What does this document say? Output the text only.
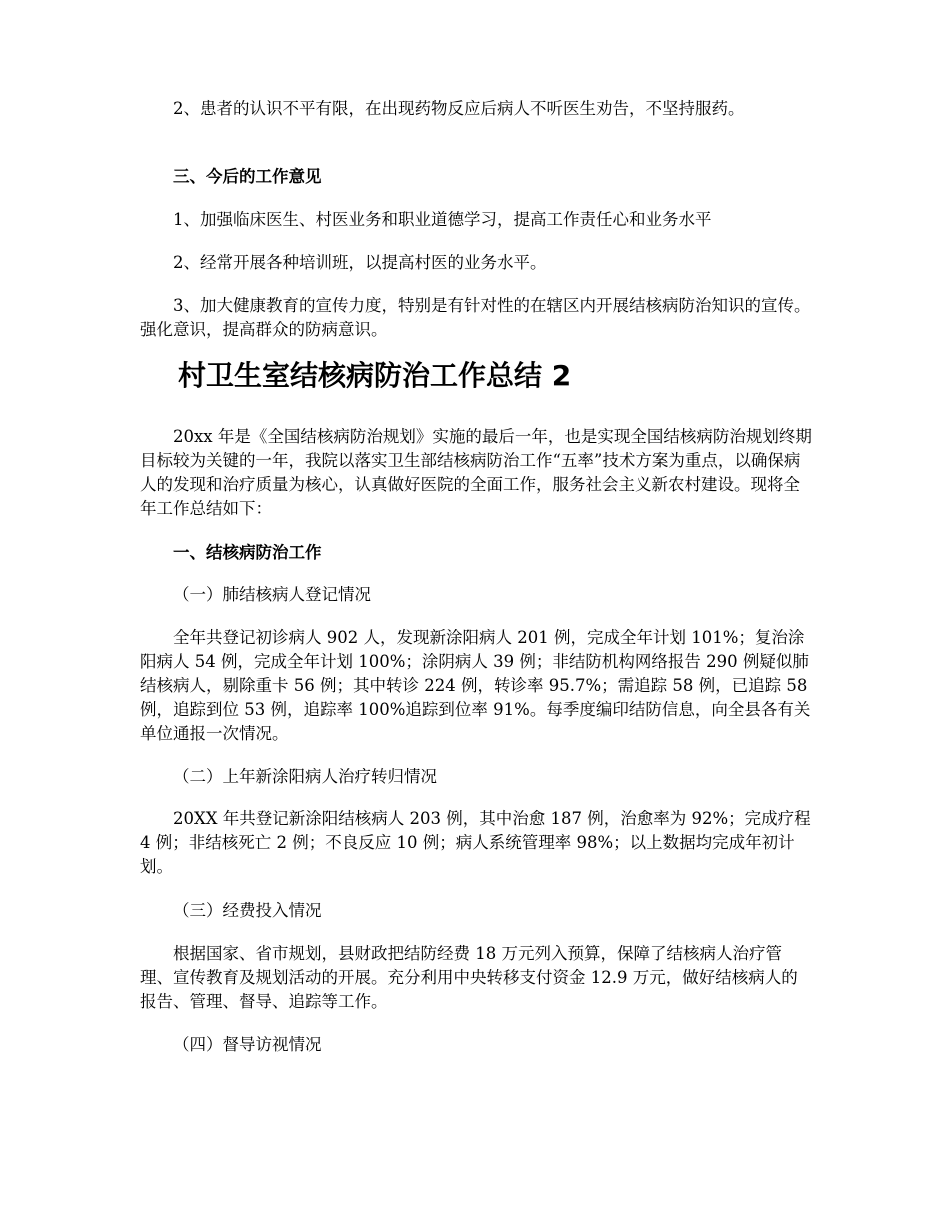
2、患者的认识不平有限，在出现药物反应后病人不听医生劝告，不坚持服药。

三、今后的工作意见

1、加强临床医生、村医业务和职业道德学习，提高工作责任心和业务水平

2、经常开展各种培训班，以提高村医的业务水平。

3、加大健康教育的宣传力度，特别是有针对性的在辖区内开展结核病防治知识的宣传。强化意识，提高群众的防病意识。

村卫生室结核病防治工作总结 2

20xx 年是《全国结核病防治规划》实施的最后一年，也是实现全国结核病防治规划终期目标较为关键的一年，我院以落实卫生部结核病防治工作“五率”技术方案为重点，以确保病人的发现和治疗质量为核心，认真做好医院的全面工作，服务社会主义新农村建设。现将全年工作总结如下：

一、结核病防治工作

（一）肺结核病人登记情况

全年共登记初诊病人 902 人，发现新涂阳病人 201 例，完成全年计划 101%；复治涂阳病人 54 例，完成全年计划 100%；涂阴病人 39 例；非结防机构网络报告 290 例疑似肺结核病人，剔除重卡 56 例；其中转诊 224 例，转诊率 95.7%；需追踪 58 例，已追踪 58 例，追踪到位 53 例，追踪率 100%追踪到位率 91%。每季度编印结防信息，向全县各有关单位通报一次情况。

（二）上年新涂阳病人治疗转归情况

20XX 年共登记新涂阳结核病人 203 例，其中治愈 187 例，治愈率为 92%；完成疗程 4 例；非结核死亡 2 例；不良反应 10 例；病人系统管理率 98%；以上数据均完成年初计划。

（三）经费投入情况

根据国家、省市规划，县财政把结防经费 18 万元列入预算，保障了结核病人治疗管理、宣传教育及规划活动的开展。充分利用中央转移支付资金 12.9 万元，做好结核病人的报告、管理、督导、追踪等工作。

（四）督导访视情况
